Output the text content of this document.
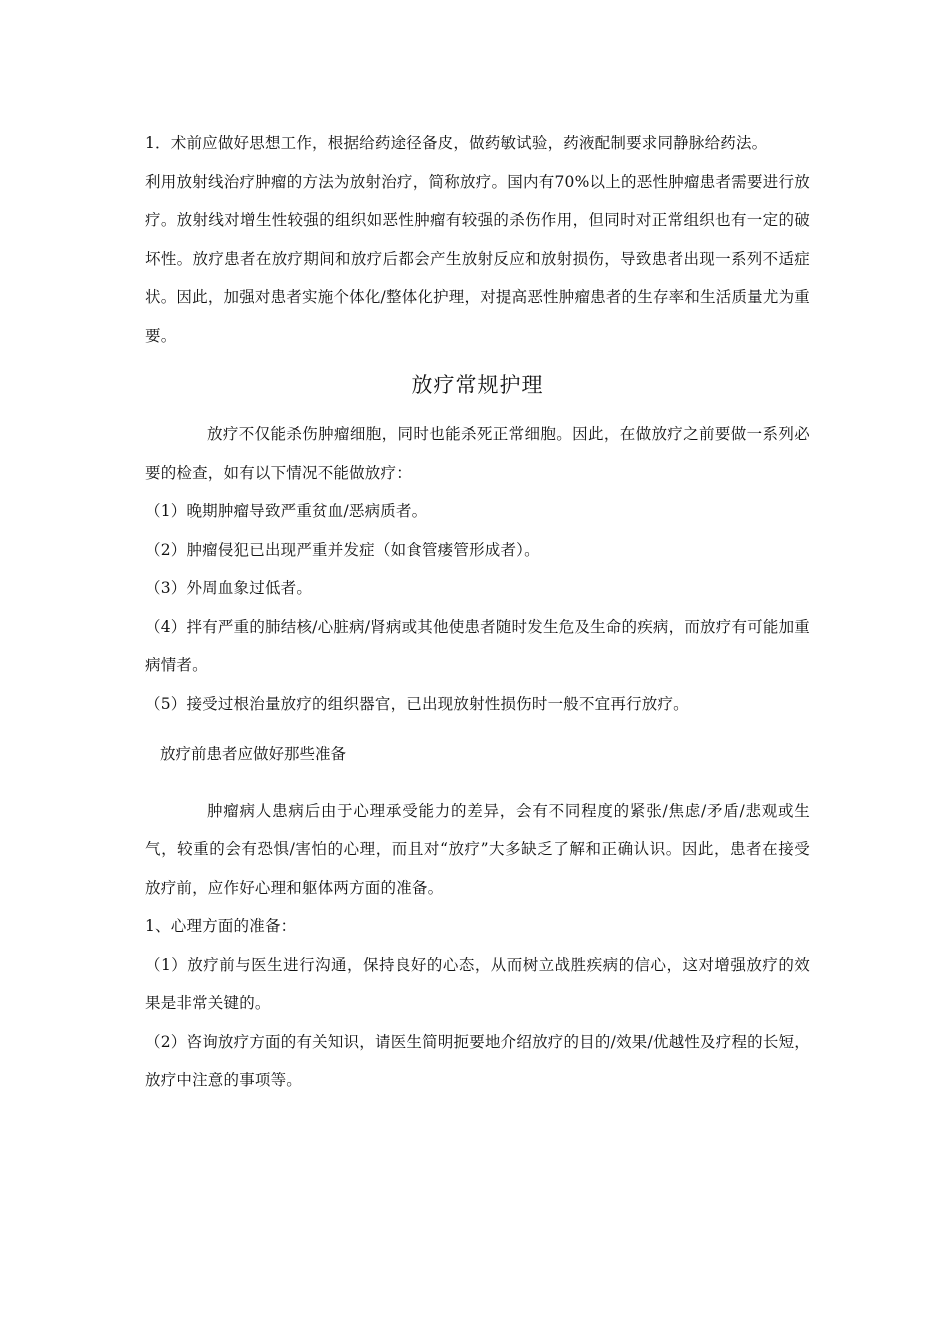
1．术前应做好思想工作，根据给药途径备皮，做药敏试验，药液配制要求同静脉给药法。

利用放射线治疗肿瘤的方法为放射治疗，简称放疗。国内有70%以上的恶性肿瘤患者需要进行放疗。放射线对增生性较强的组织如恶性肿瘤有较强的杀伤作用，但同时对正常组织也有一定的破坏性。放疗患者在放疗期间和放疗后都会产生放射反应和放射损伤，导致患者出现一系列不适症状。因此，加强对患者实施个体化/整体化护理，对提高恶性肿瘤患者的生存率和生活质量尤为重要。

放疗常规护理

放疗不仅能杀伤肿瘤细胞，同时也能杀死正常细胞。因此，在做放疗之前要做一系列必要的检查，如有以下情况不能做放疗：

（1）晚期肿瘤导致严重贫血/恶病质者。

（2）肿瘤侵犯已出现严重并发症（如食管瘘管形成者）。

（3）外周血象过低者。

（4）拌有严重的肺结核/心脏病/肾病或其他使患者随时发生危及生命的疾病，而放疗有可能加重病情者。

（5）接受过根治量放疗的组织器官，已出现放射性损伤时一般不宜再行放疗。

放疗前患者应做好那些准备

肿瘤病人患病后由于心理承受能力的差异，会有不同程度的紧张/焦虑/矛盾/悲观或生气，较重的会有恐惧/害怕的心理，而且对“放疗”大多缺乏了解和正确认识。因此，患者在接受放疗前，应作好心理和躯体两方面的准备。

1、心理方面的准备：

（1）放疗前与医生进行沟通，保持良好的心态，从而树立战胜疾病的信心，这对增强放疗的效果是非常关键的。

（2）咨询放疗方面的有关知识，请医生简明扼要地介绍放疗的目的/效果/优越性及疗程的长短，放疗中注意的事项等。
